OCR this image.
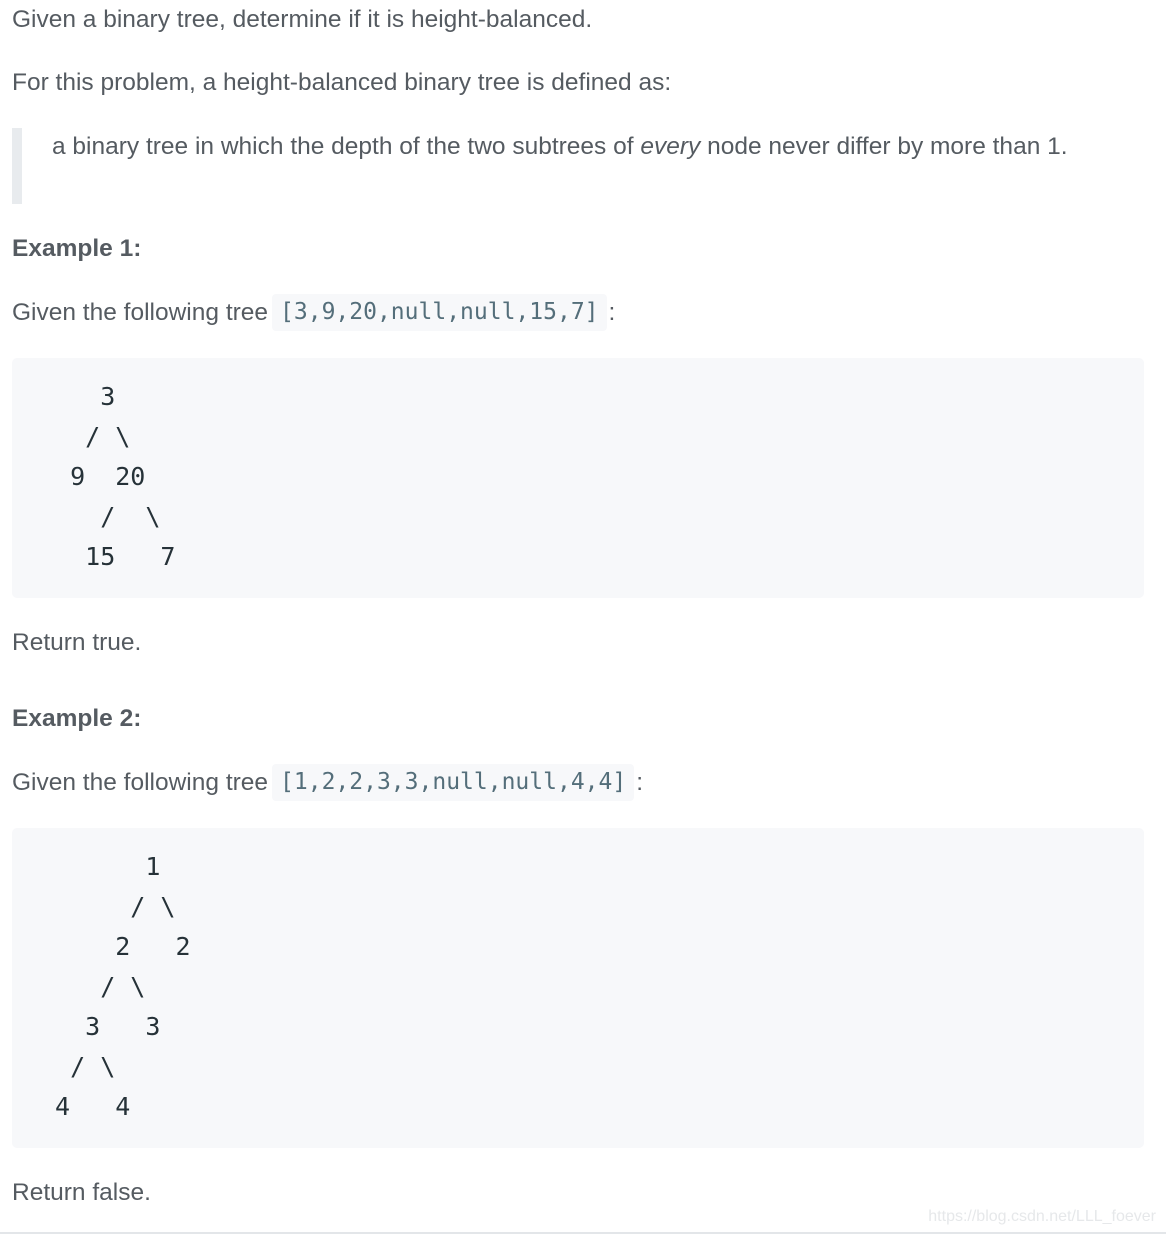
Given a binary tree, determine if it is height-balanced.
For this problem, a height-balanced binary tree is defined as:
a binary tree in which the depth of the two subtrees of every node never differ by more than 1.
Example 1:
Given the following tree [3,9,20,null,null,15,7] :
3
/ \
9  20
/  \
15   7
Return true.
Example 2:
Given the following tree [1,2,2,3,3,null,null,4,4] :
1
/ \
2   2
/ \
3   3
/ \
4   4
Return false.
https://blog.csdn.net/LLL_foever
